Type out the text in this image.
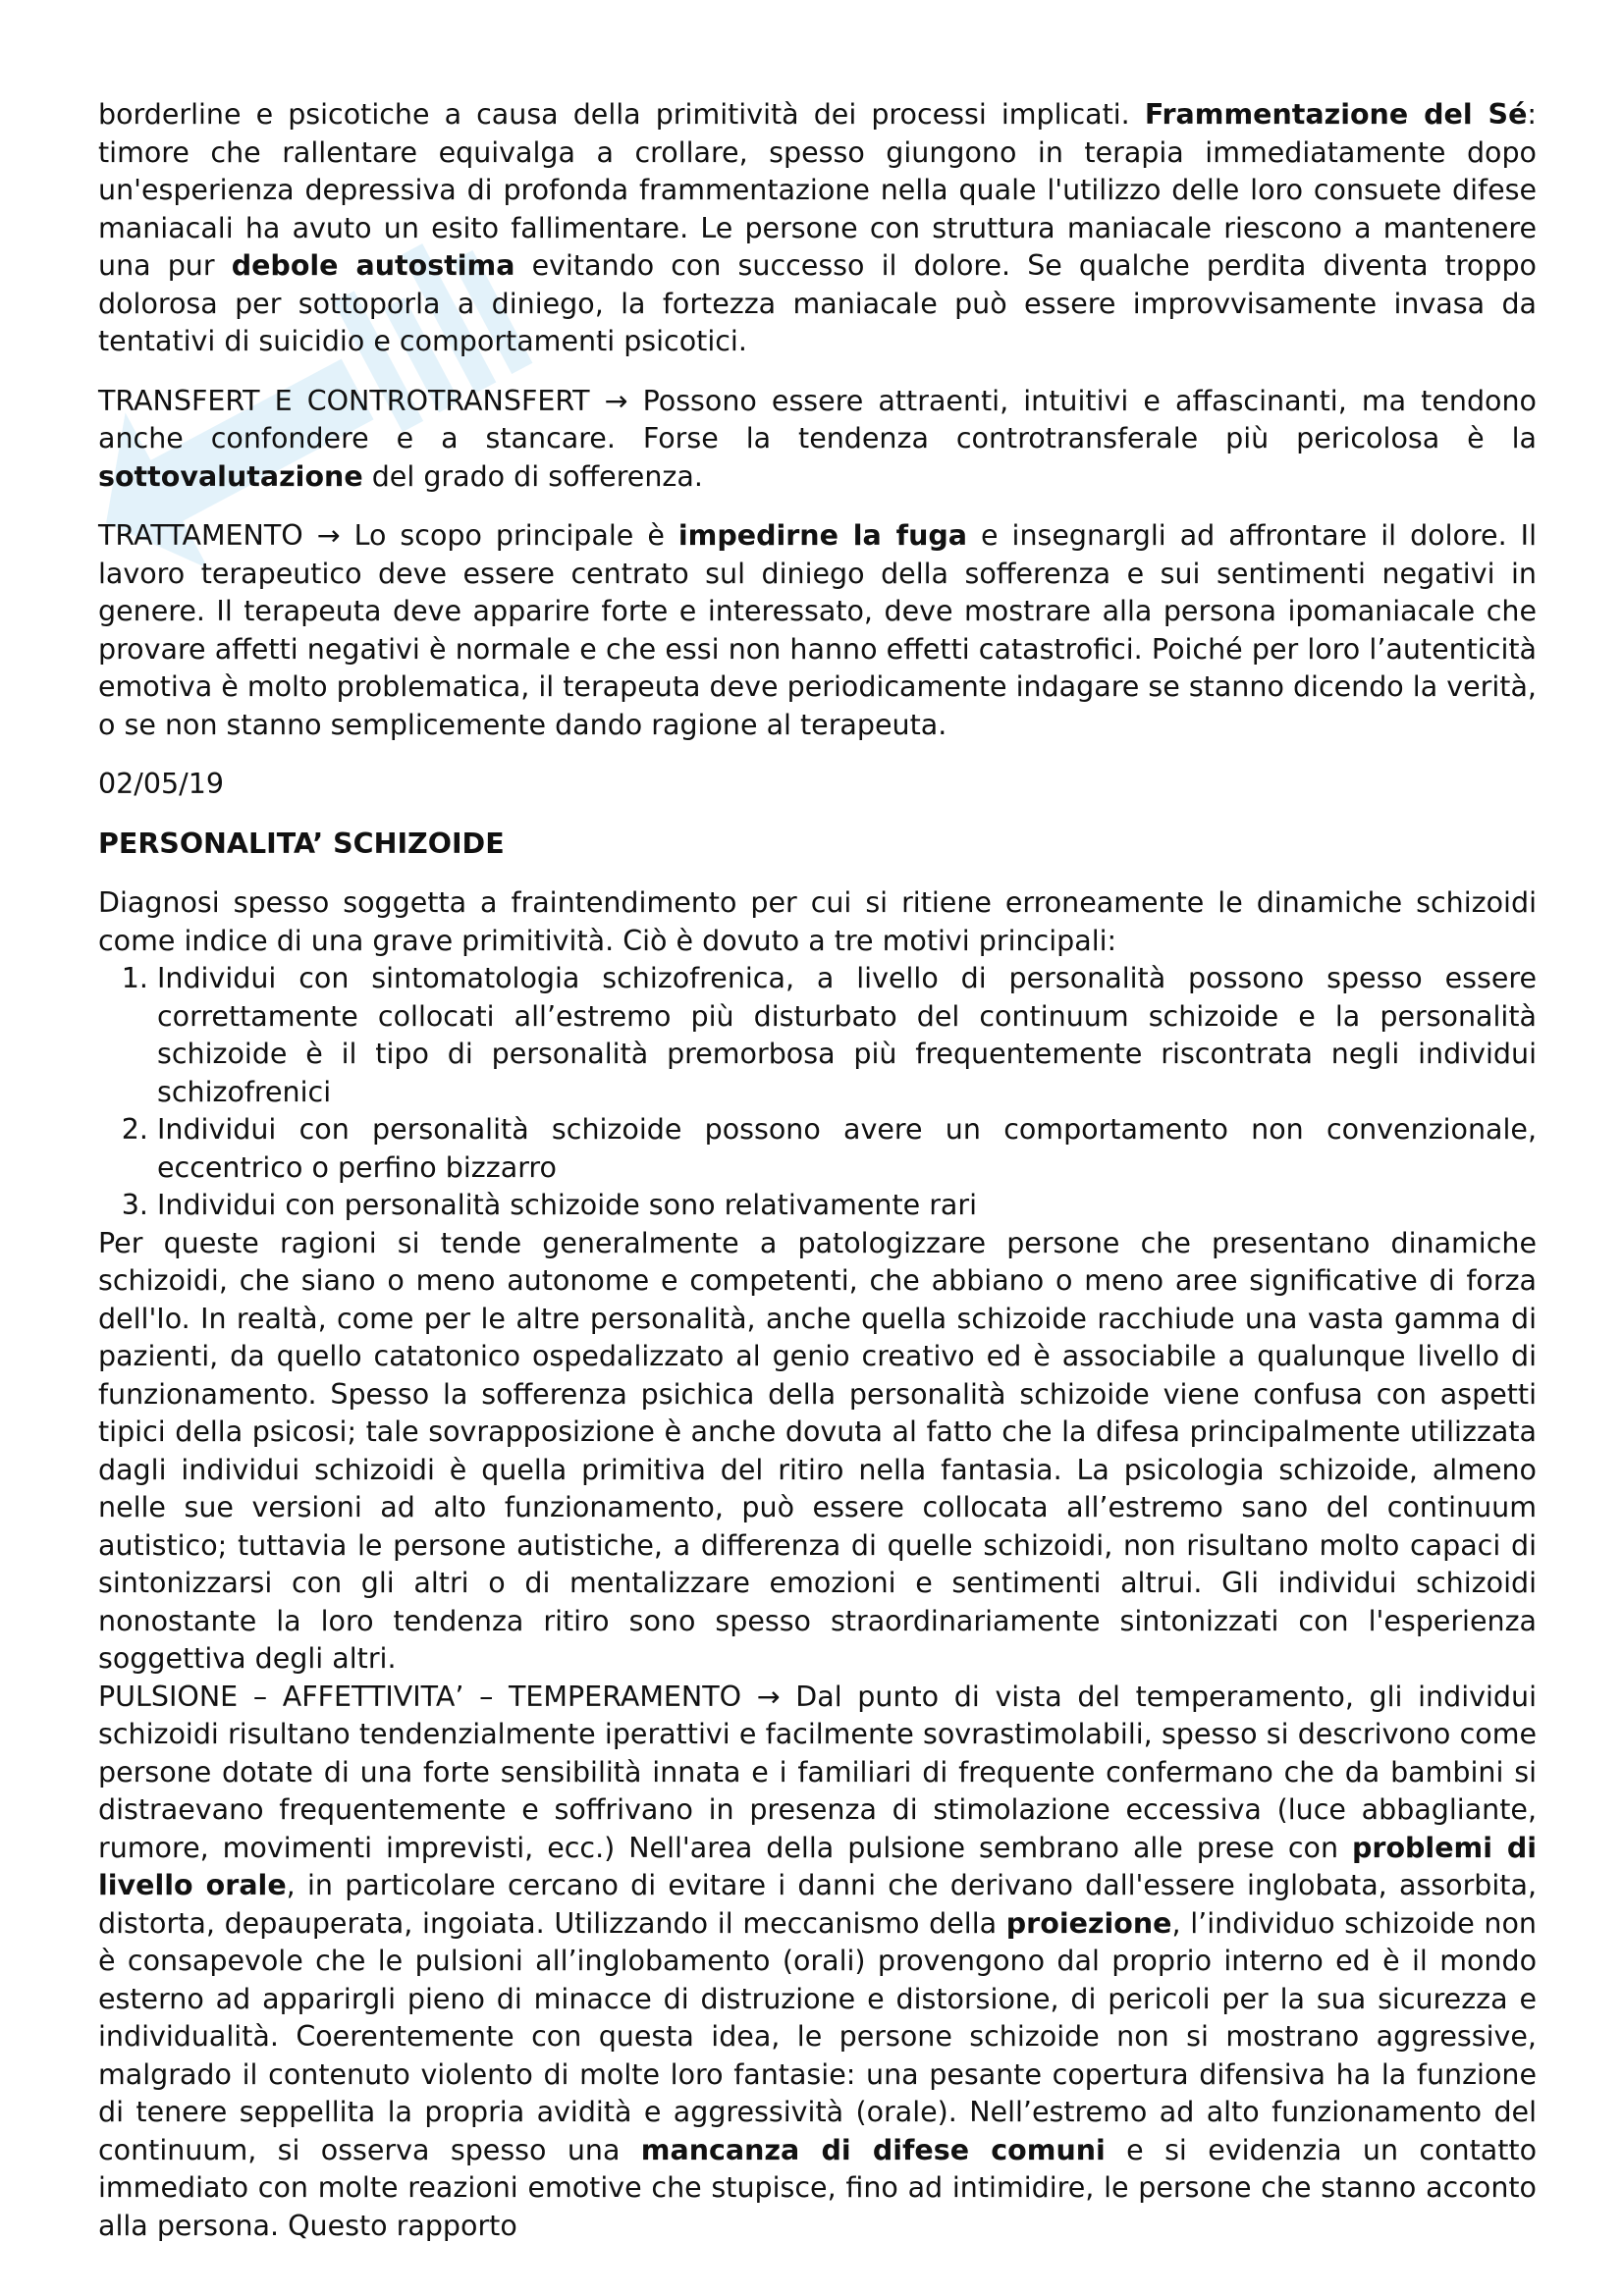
borderline e psicotiche a causa della primitività dei processi implicati. Frammentazione del Sé: timore che rallentare equivalga a crollare, spesso giungono in terapia immediatamente dopo un'esperienza depressiva di profonda frammentazione nella quale l'utilizzo delle loro consuete difese maniacali ha avuto un esito fallimentare. Le persone con struttura maniacale riescono a mantenere una pur debole autostima evitando con successo il dolore. Se qualche perdita diventa troppo dolorosa per sottoporla a diniego, la fortezza maniacale può essere improvvisamente invasa da tentativi di suicidio e comportamenti psicotici.

TRANSFERT E CONTROTRANSFERT → Possono essere attraenti, intuitivi e affascinanti, ma tendono anche confondere e a stancare. Forse la tendenza controtransferale più pericolosa è la sottovalutazione del grado di sofferenza.

TRATTAMENTO → Lo scopo principale è impedirne la fuga e insegnargli ad affrontare il dolore. Il lavoro terapeutico deve essere centrato sul diniego della sofferenza e sui sentimenti negativi in genere. Il terapeuta deve apparire forte e interessato, deve mostrare alla persona ipomaniacale che provare affetti negativi è normale e che essi non hanno effetti catastrofici. Poiché per loro l’autenticità emotiva è molto problematica, il terapeuta deve periodicamente indagare se stanno dicendo la verità, o se non stanno semplicemente dando ragione al terapeuta.

02/05/19

PERSONALITA’ SCHIZOIDE

Diagnosi spesso soggetta a fraintendimento per cui si ritiene erroneamente le dinamiche schizoidi come indice di una grave primitività. Ciò è dovuto a tre motivi principali:

1. Individui con sintomatologia schizofrenica, a livello di personalità possono spesso essere correttamente collocati all’estremo più disturbato del continuum schizoide e la personalità schizoide è il tipo di personalità premorbosa più frequentemente riscontrata negli individui schizofrenici
2. Individui con personalità schizoide possono avere un comportamento non convenzionale, eccentrico o perfino bizzarro
3. Individui con personalità schizoide sono relativamente rari

Per queste ragioni si tende generalmente a patologizzare persone che presentano dinamiche schizoidi, che siano o meno autonome e competenti, che abbiano o meno aree significative di forza dell'Io. In realtà, come per le altre personalità, anche quella schizoide racchiude una vasta gamma di pazienti, da quello catatonico ospedalizzato al genio creativo ed è associabile a qualunque livello di funzionamento. Spesso la sofferenza psichica della personalità schizoide viene confusa con aspetti tipici della psicosi; tale sovrapposizione è anche dovuta al fatto che la difesa principalmente utilizzata dagli individui schizoidi è quella primitiva del ritiro nella fantasia. La psicologia schizoide, almeno nelle sue versioni ad alto funzionamento, può essere collocata all’estremo sano del continuum autistico; tuttavia le persone autistiche, a differenza di quelle schizoidi, non risultano molto capaci di sintonizzarsi con gli altri o di mentalizzare emozioni e sentimenti altrui. Gli individui schizoidi nonostante la loro tendenza ritiro sono spesso straordinariamente sintonizzati con l'esperienza soggettiva degli altri.

PULSIONE – AFFETTIVITA’ – TEMPERAMENTO → Dal punto di vista del temperamento, gli individui schizoidi risultano tendenzialmente iperattivi e facilmente sovrastimolabili, spesso si descrivono come persone dotate di una forte sensibilità innata e i familiari di frequente confermano che da bambini si distraevano frequentemente e soffrivano in presenza di stimolazione eccessiva (luce abbagliante, rumore, movimenti imprevisti, ecc.) Nell'area della pulsione sembrano alle prese con problemi di livello orale, in particolare cercano di evitare i danni che derivano dall'essere inglobata, assorbita, distorta, depauperata, ingoiata. Utilizzando il meccanismo della proiezione, l’individuo schizoide non è consapevole che le pulsioni all’inglobamento (orali) provengono dal proprio interno ed è il mondo esterno ad apparirgli pieno di minacce di distruzione e distorsione, di pericoli per la sua sicurezza e individualità. Coerentemente con questa idea, le persone schizoide non si mostrano aggressive, malgrado il contenuto violento di molte loro fantasie: una pesante copertura difensiva ha la funzione di tenere seppellita la propria avidità e aggressività (orale). Nell’estremo ad alto funzionamento del continuum, si osserva spesso una mancanza di difese comuni e si evidenzia un contatto immediato con molte reazioni emotive che stupisce, fino ad intimidire, le persone che stanno acconto alla persona. Questo rapporto
